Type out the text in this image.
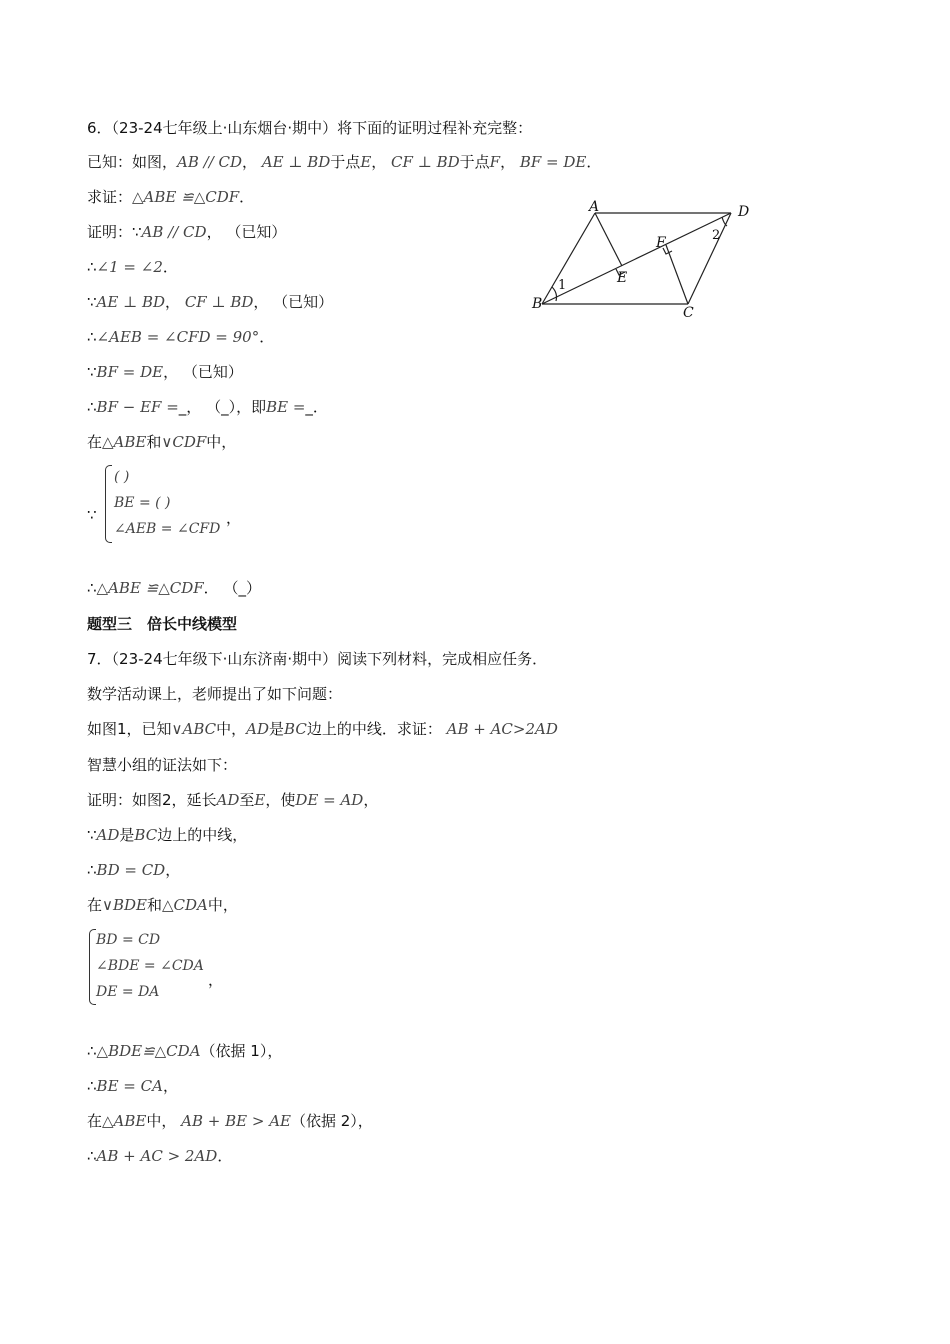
6．（23-24七年级上·山东烟台·期中）将下面的证明过程补充完整：
已知：如图，AB // CD， AE ⊥ BD于点E， CF ⊥ BD于点F， BF = DE．
求证：△ABE ≌△CDF．
证明：∵AB // CD， （已知）
∴∠1 = ∠2．
∵AE ⊥ BD， CF ⊥ BD， （已知）
∴∠AEB = ∠CFD = 90°．
∵BF = DE， （已知）
∴BF − EF =_， （_），即BE =_．
在△ABE和∨CDF中，
∵
( )
BE = ( )
∠AEB = ∠CFD
，
∴△ABE ≌△CDF． （_）
A	D
B
C
E
F
1
2
题型三　倍长中线模型
7．（23-24七年级下·山东济南·期中）阅读下列材料，完成相应任务．
数学活动课上，老师提出了如下问题：
如图1，已知∨ABC中，AD是BC边上的中线．求证： AB + AC>2AD
智慧小组的证法如下：
证明：如图2，延长AD至E，使DE = AD，
∵AD是BC边上的中线，
∴BD = CD，
在∨BDE和△CDA中，
BD = CD
∠BDE = ∠CDA
DE = DA
，
∴△BDE≌△CDA（依据 1），
∴BE = CA，
在△ABE中， AB + BE > AE（依据 2），
∴AB + AC > 2AD．
